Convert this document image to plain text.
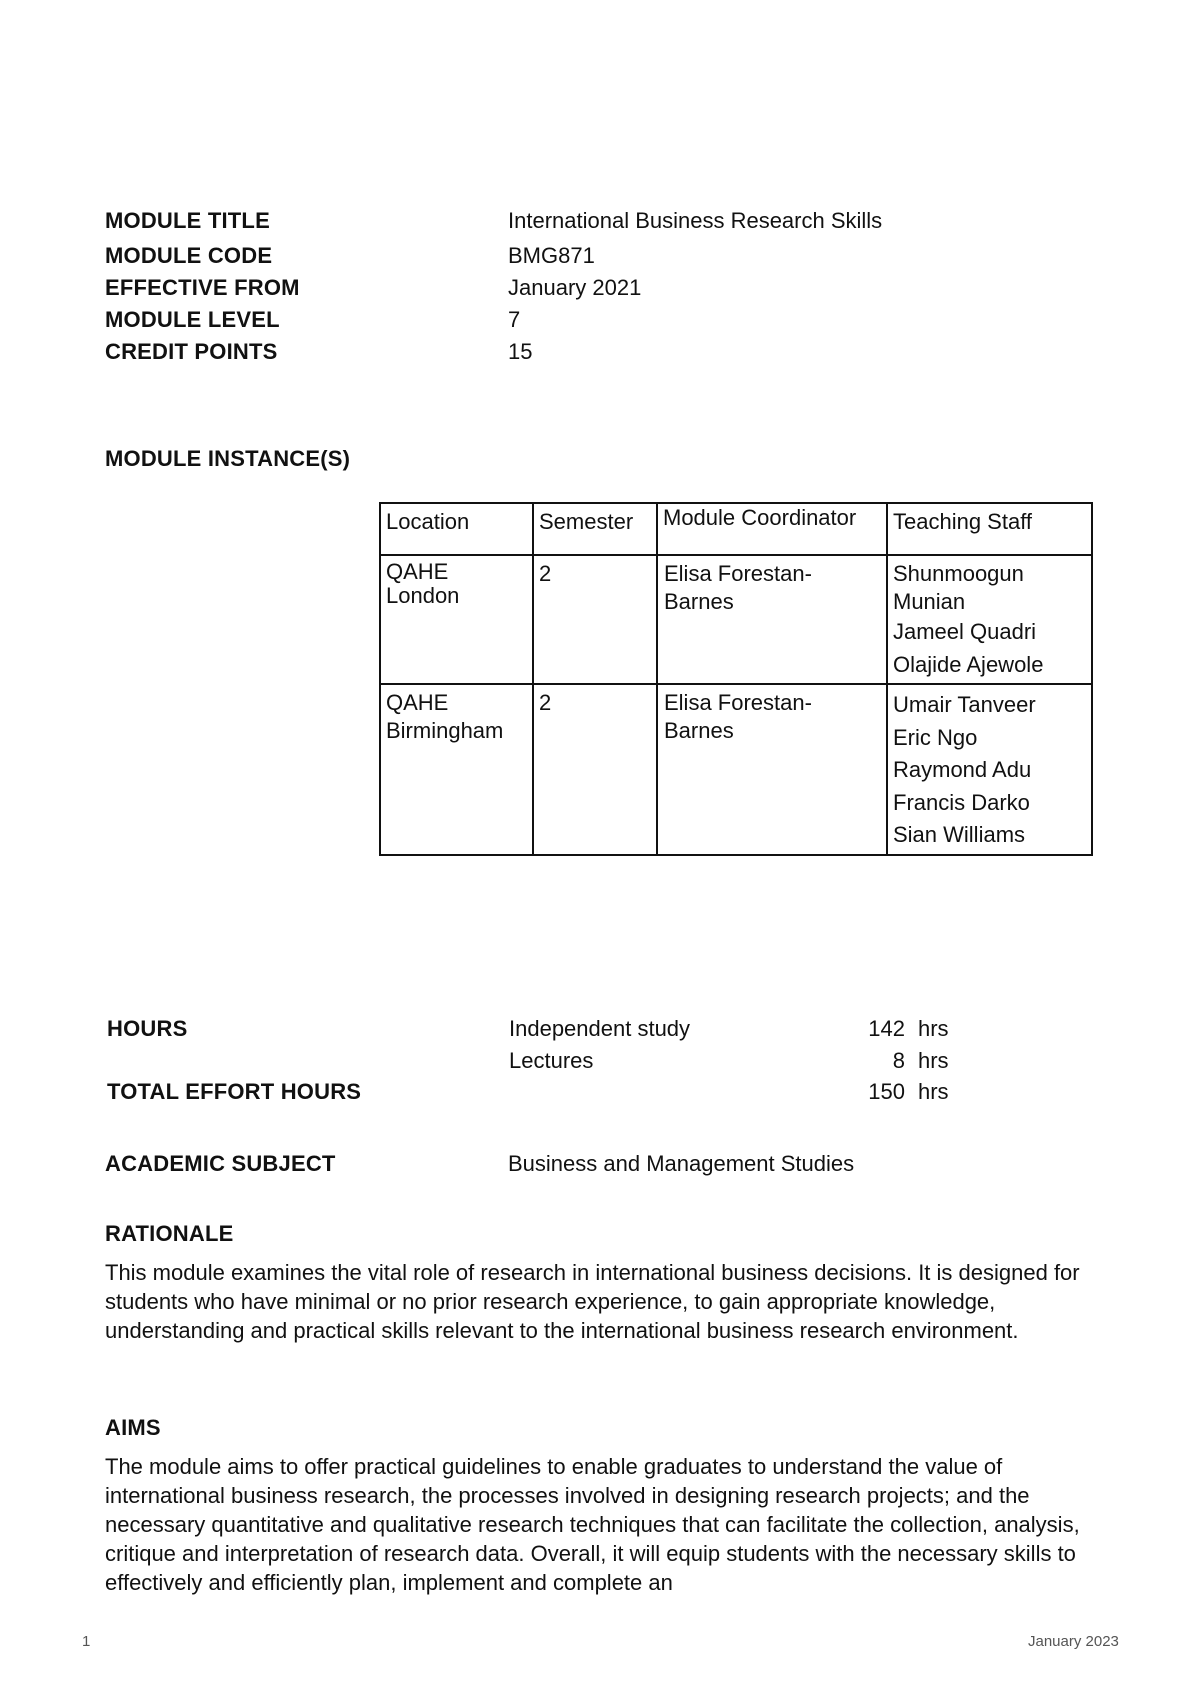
MODULE TITLE	International Business Research Skills
MODULE CODE	BMG871
EFFECTIVE FROM	January 2021
MODULE LEVEL	7
CREDIT POINTS	15
MODULE INSTANCE(S)
Location	Semester	Module Coordinator	Teaching Staff

QAHE London	2	Elisa Forestan-Barnes	Shunmoogun Munian
Jameel Quadri
Olajide Ajewole

QAHE Birmingham	2	Elisa Forestan-Barnes	Umair Tanveer
Eric Ngo
Raymond Adu
Francis Darko
Sian Williams
HOURS	Independent study	142 hrs
Lectures	8 hrs
TOTAL EFFORT HOURS	150 hrs
ACADEMIC SUBJECT	Business and Management Studies
RATIONALE
This module examines the vital role of research in international business decisions. It is designed for students who have minimal or no prior research experience, to gain appropriate knowledge, understanding and practical skills relevant to the international business research environment.
AIMS
The module aims to offer practical guidelines to enable graduates to understand the value of international business research, the processes involved in designing research projects; and the necessary quantitative and qualitative research techniques that can facilitate the collection, analysis, critique and interpretation of research data. Overall, it will equip students with the necessary skills to effectively and efficiently plan, implement and complete an
1	January 2023
